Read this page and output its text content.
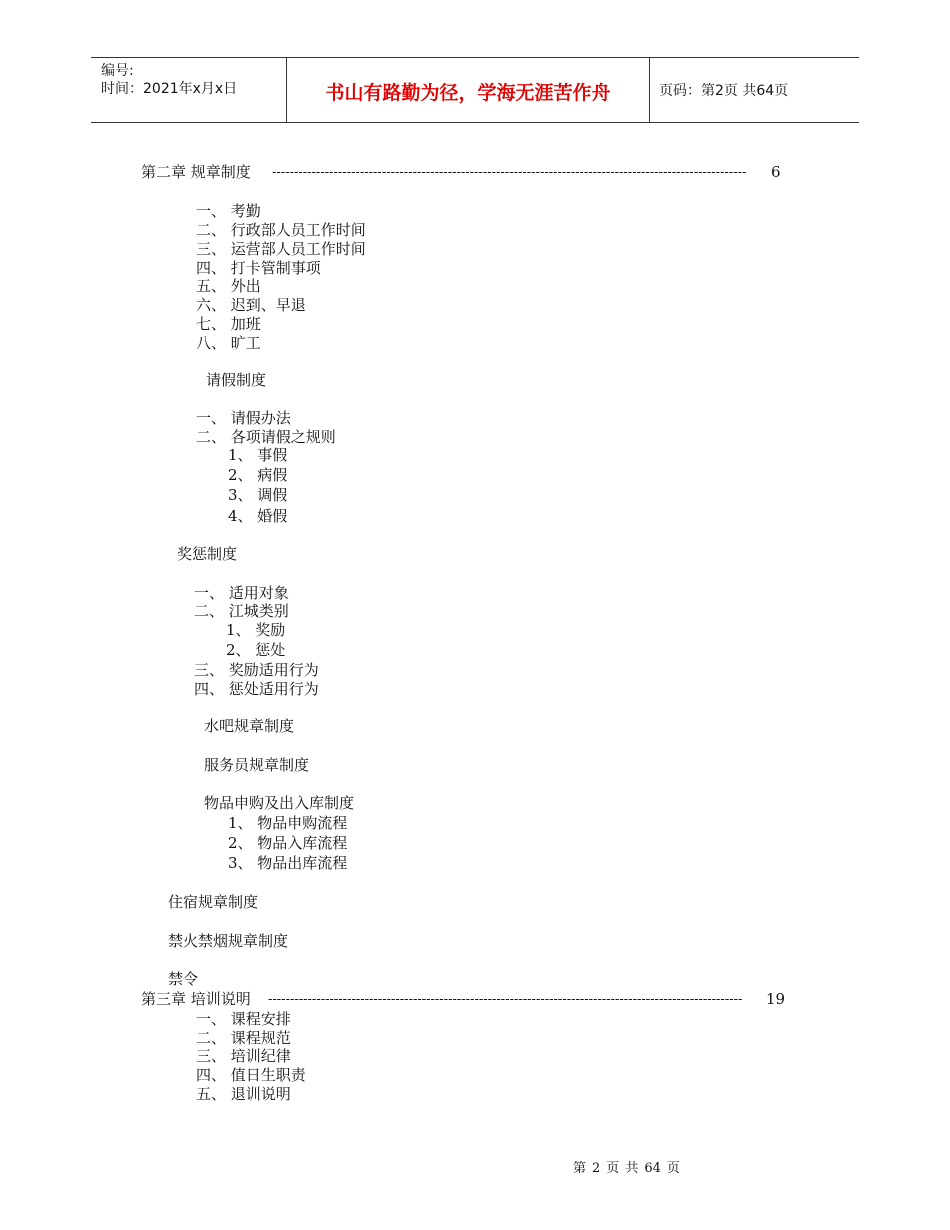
编号:
时间：2021年x月x日	书山有路勤为径，学海无涯苦作舟	页码：第2页 共64页
第二章 规章制度 ------------------------------------------------------------------------------------------------------------	6
一、 考勤
二、 行政部人员工作时间
三、 运营部人员工作时间
四、 打卡管制事项
五、 外出
六、 迟到、早退
七、 加班
八、 旷工
请假制度
一、 请假办法
二、 各项请假之规则
1、 事假
2、 病假
3、 调假
4、 婚假
奖惩制度
一、 适用对象
二、 江城类别
1、 奖励
2、 惩处
三、 奖励适用行为
四、 惩处适用行为
水吧规章制度
服务员规章制度
物品申购及出入库制度
1、 物品申购流程
2、 物品入库流程
3、 物品出库流程
住宿规章制度
禁火禁烟规章制度
禁令
第三章 培训说明 ------------------------------------------------------------------------------------------------------------	19
一、 课程安排
二、 课程规范
三、 培训纪律
四、 值日生职责
五、 退训说明
第 2 页 共 64 页
